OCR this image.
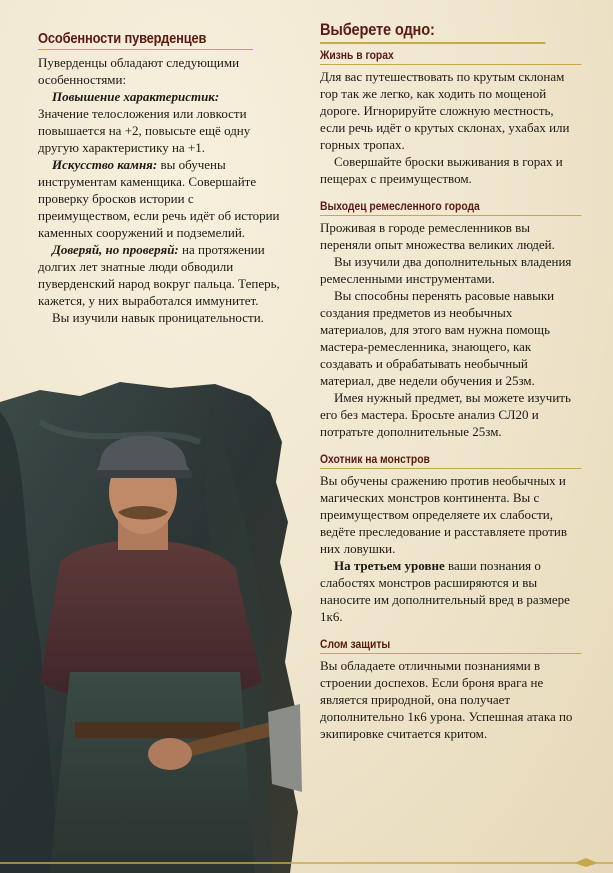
Особенности пуверденцев

Пуверденцы обладают следующими особенностями:

Повышение характеристик:

Значение телосложения или ловкости повышается на +2, повысьте ещё одну другую характеристику на +1.

Искусство камня: вы обучены инструментам каменщика. Совершайте проверку бросков истории с преимуществом, если речь идёт об истории каменных сооружений и подземелий.

Доверяй, но проверяй: на протяжении долгих лет знатные люди обводили пуверденский народ вокруг пальца. Теперь, кажется, у них выработался иммунитет.

Вы изучили навык проницательности.

Выберете одно:
Жизнь в горах

Для вас путешествовать по крутым склонам гор так же легко, как ходить по мощеной дороге. Игнорируйте сложную местность, если речь идёт о крутых склонах, ухабах или горных тропах.

Совершайте броски выживания в горах и пещерах с преимуществом.

Выходец ремесленного города

Проживая в городе ремесленников вы переняли опыт множества великих людей.

Вы изучили два дополнительных владения ремесленными инструментами.

Вы способны перенять расовые навыки создания предметов из необычных материалов, для этого вам нужна помощь мастера-ремесленника, знающего, как создавать и обрабатывать необычный материал, две недели обучения и 25зм.

Имея нужный предмет, вы можете изучить его без мастера. Бросьте анализ СЛ20 и потратьте дополнительные 25зм.

Охотник на монстров

Вы обучены сражению против необычных и магических монстров континента. Вы с преимуществом определяете их слабости, ведёте преследование и расставляете против них ловушки.

На третьем уровне ваши познания о слабостях монстров расширяются и вы наносите им дополнительный вред в размере 1к6.

Слом защиты

Вы обладаете отличными познаниями в строении доспехов. Если броня врага не является природной, она получает дополнительно 1к6 урона. Успешная атака по экипировке считается критом.
